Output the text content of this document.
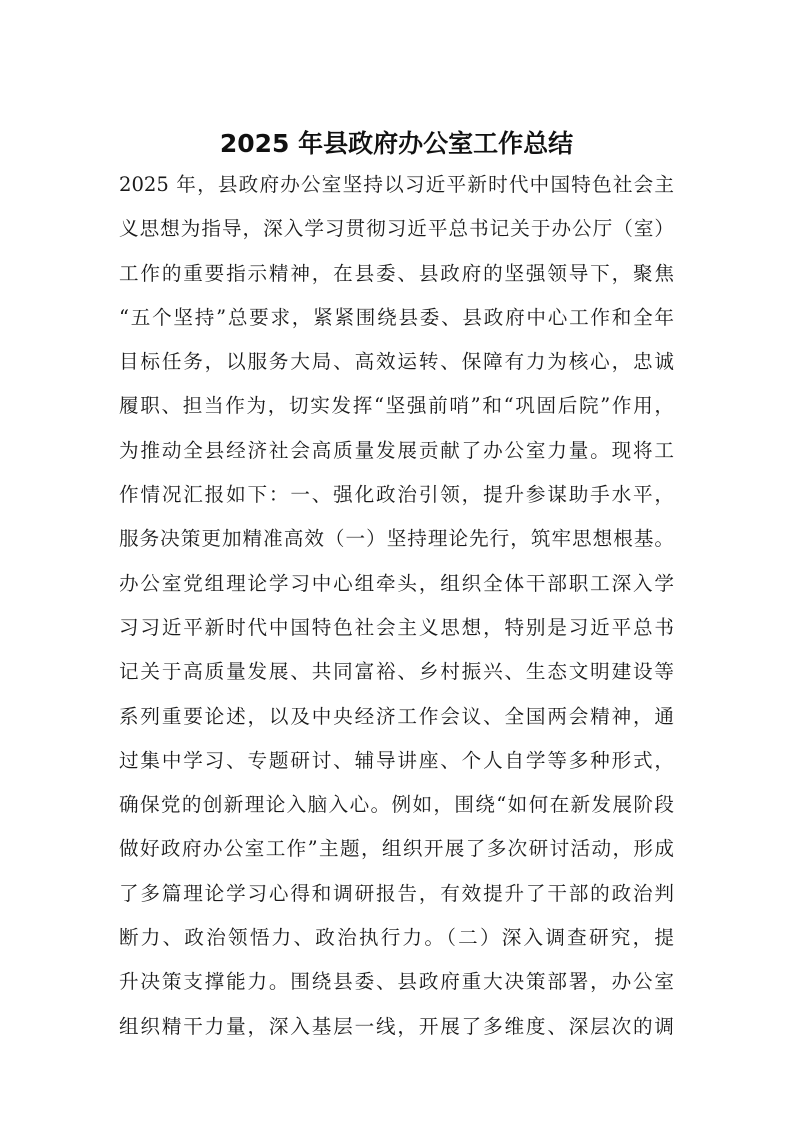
2025 年县政府办公室工作总结
2025 年，县政府办公室坚持以习近平新时代中国特色社会主
义思想为指导，深入学习贯彻习近平总书记关于办公厅（室）
工作的重要指示精神，在县委、县政府的坚强领导下，聚焦
“五个坚持”总要求，紧紧围绕县委、县政府中心工作和全年
目标任务，以服务大局、高效运转、保障有力为核心，忠诚
履职、担当作为，切实发挥“坚强前哨”和“巩固后院”作用，
为推动全县经济社会高质量发展贡献了办公室力量。现将工
作情况汇报如下：一、强化政治引领，提升参谋助手水平，
服务决策更加精准高效（一）坚持理论先行，筑牢思想根基。
办公室党组理论学习中心组牵头，组织全体干部职工深入学
习习近平新时代中国特色社会主义思想，特别是习近平总书
记关于高质量发展、共同富裕、乡村振兴、生态文明建设等
系列重要论述，以及中央经济工作会议、全国两会精神，通
过集中学习、专题研讨、辅导讲座、个人自学等多种形式，
确保党的创新理论入脑入心。例如，围绕“如何在新发展阶段
做好政府办公室工作”主题，组织开展了多次研讨活动，形成
了多篇理论学习心得和调研报告，有效提升了干部的政治判
断力、政治领悟力、政治执行力。（二）深入调查研究，提
升决策支撑能力。围绕县委、县政府重大决策部署，办公室
组织精干力量，深入基层一线，开展了多维度、深层次的调
